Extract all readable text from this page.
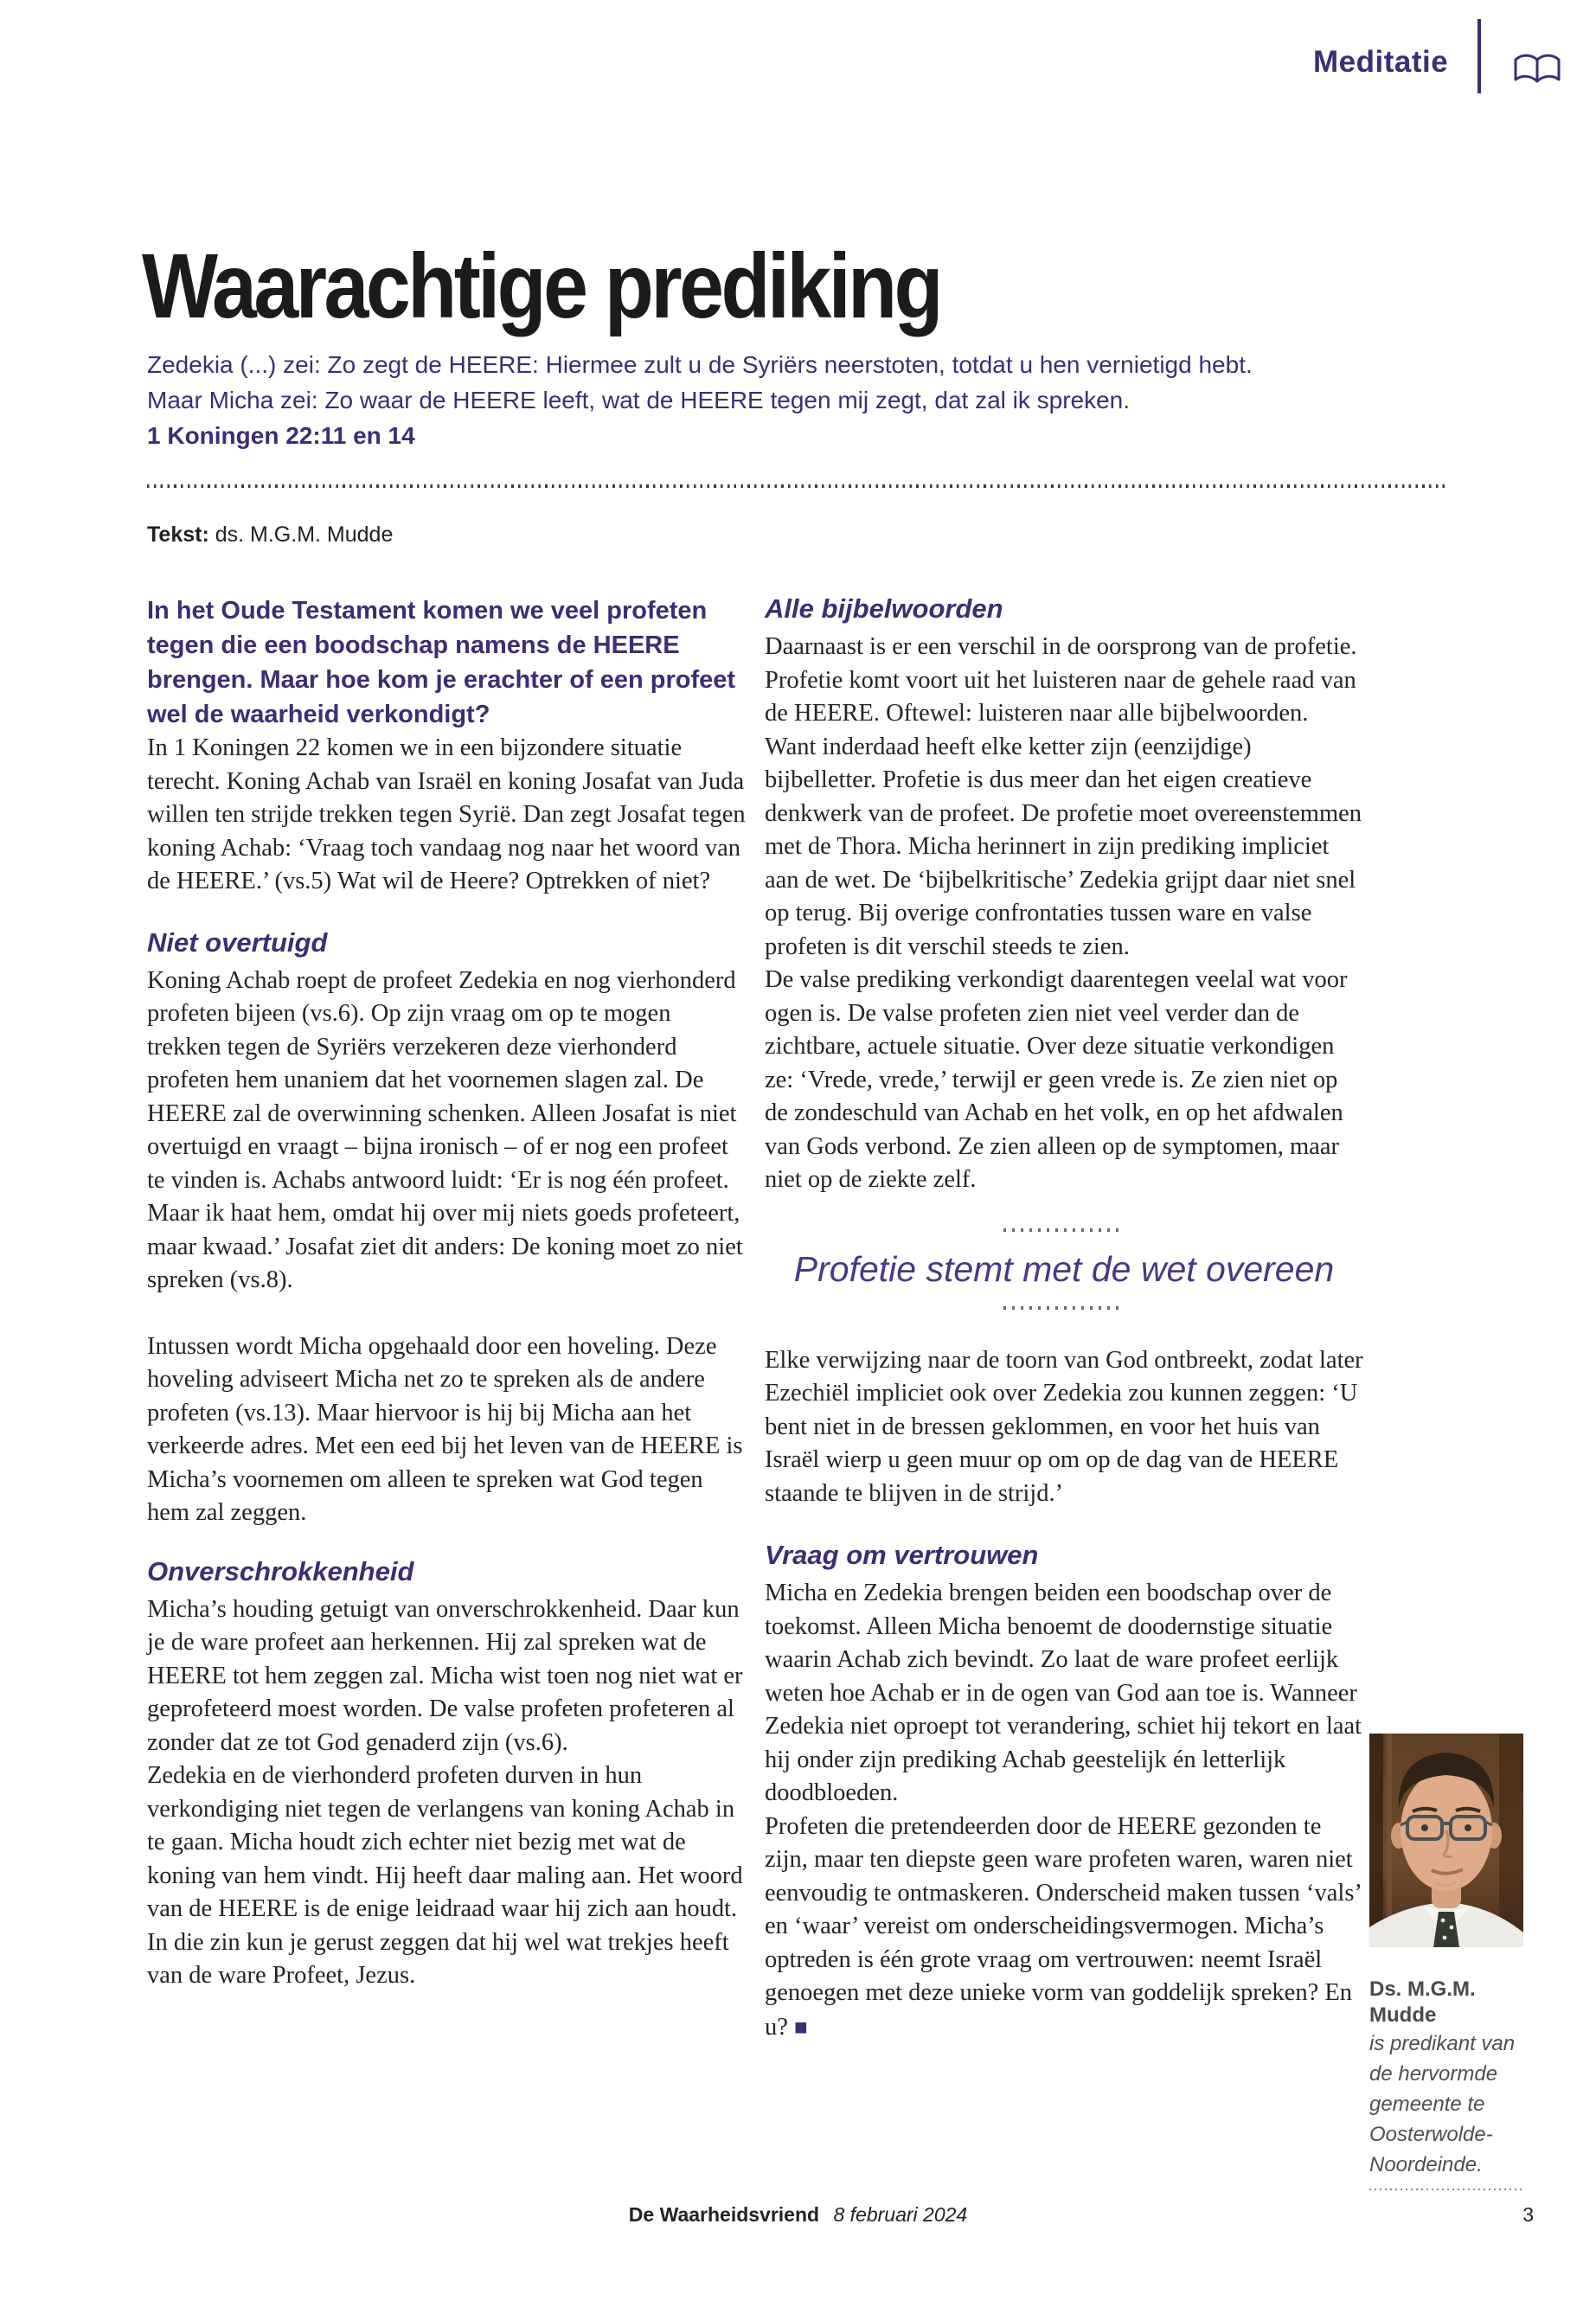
Meditatie
Waarachtige prediking
Zedekia (...) zei: Zo zegt de HEERE: Hiermee zult u de Syriërs neerstoten, totdat u hen vernietigd hebt.
Maar Micha zei: Zo waar de HEERE leeft, wat de HEERE tegen mij zegt, dat zal ik spreken.
1 Koningen 22:11 en 14
Tekst: ds. M.G.M. Mudde

In het Oude Testament komen we veel profeten tegen die een boodschap namens de HEERE brengen. Maar hoe kom je erachter of een profeet wel de waarheid verkondigt?

In 1 Koningen 22 komen we in een bijzondere situatie terecht. Koning Achab van Israël en koning Josafat van Juda willen ten strijde trekken tegen Syrië. Dan zegt Josafat tegen koning Achab: ‘Vraag toch vandaag nog naar het woord van de HEERE.’ (vs.5) Wat wil de Heere? Optrekken of niet?

Niet overtuigd

Koning Achab roept de profeet Zedekia en nog vierhonderd profeten bijeen (vs.6). Op zijn vraag om op te mogen trekken tegen de Syriërs verzekeren deze vierhonderd profeten hem unaniem dat het voornemen slagen zal. De HEERE zal de overwinning schenken. Alleen Josafat is niet overtuigd en vraagt – bijna ironisch – of er nog een profeet te vinden is. Achabs antwoord luidt: ‘Er is nog één profeet. Maar ik haat hem, omdat hij over mij niets goeds profeteert, maar kwaad.’ Josafat ziet dit anders: De koning moet zo niet spreken (vs.8).

Intussen wordt Micha opgehaald door een hoveling. Deze hoveling adviseert Micha net zo te spreken als de andere profeten (vs.13). Maar hiervoor is hij bij Micha aan het verkeerde adres. Met een eed bij het leven van de HEERE is Micha’s voornemen om alleen te spreken wat God tegen hem zal zeggen.

Onverschrokkenheid

Micha’s houding getuigt van onverschrokkenheid. Daar kun je de ware profeet aan herkennen. Hij zal spreken wat de HEERE tot hem zeggen zal. Micha wist toen nog niet wat er geprofeteerd moest worden. De valse profeten profeteren al zonder dat ze tot God genaderd zijn (vs.6).

Zedekia en de vierhonderd profeten durven in hun verkondiging niet tegen de verlangens van koning Achab in te gaan. Micha houdt zich echter niet bezig met wat de koning van hem vindt. Hij heeft daar maling aan. Het woord van de HEERE is de enige leidraad waar hij zich aan houdt. In die zin kun je gerust zeggen dat hij wel wat trekjes heeft van de ware Profeet, Jezus.

Alle bijbelwoorden

Daarnaast is er een verschil in de oorsprong van de profetie. Profetie komt voort uit het luisteren naar de gehele raad van de HEERE. Oftewel: luisteren naar alle bijbelwoorden. Want inderdaad heeft elke ketter zijn (eenzijdige) bijbelletter. Profetie is dus meer dan het eigen creatieve denkwerk van de profeet. De profetie moet overeenstemmen met de Thora. Micha herinnert in zijn prediking impliciet aan de wet. De ‘bijbelkritische’ Zedekia grijpt daar niet snel op terug. Bij overige confrontaties tussen ware en valse profeten is dit verschil steeds te zien.

De valse prediking verkondigt daarentegen veelal wat voor ogen is. De valse profeten zien niet veel verder dan de zichtbare, actuele situatie. Over deze situatie verkondigen ze: ‘Vrede, vrede,’ terwijl er geen vrede is. Ze zien niet op de zondeschuld van Achab en het volk, en op het afdwalen van Gods verbond. Ze zien alleen op de symptomen, maar niet op de ziekte zelf.

Profetie stemt met de wet overeen

Elke verwijzing naar de toorn van God ontbreekt, zodat later Ezechiël impliciet ook over Zedekia zou kunnen zeggen: ‘U bent niet in de bressen geklommen, en voor het huis van Israël wierp u geen muur op om op de dag van de HEERE staande te blijven in de strijd.’

Vraag om vertrouwen

Micha en Zedekia brengen beiden een boodschap over de toekomst. Alleen Micha benoemt de doodernstige situatie waarin Achab zich bevindt. Zo laat de ware profeet eerlijk weten hoe Achab er in de ogen van God aan toe is. Wanneer Zedekia niet oproept tot verandering, schiet hij tekort en laat hij onder zijn prediking Achab geestelijk én letterlijk doodbloeden.

Profeten die pretendeerden door de HEERE gezonden te zijn, maar ten diepste geen ware profeten waren, waren niet eenvoudig te ontmaskeren. Onderscheid maken tussen ‘vals’ en ‘waar’ vereist om onderscheidingsvermogen. Micha’s optreden is één grote vraag om vertrouwen: neemt Israël genoegen met deze unieke vorm van goddelijk spreken? En u? ■

Ds. M.G.M. Mudde
is predikant van de hervormde gemeente te Oosterwolde-Noordeinde.
De Waarheidsvriend 8 februari 2024	3
